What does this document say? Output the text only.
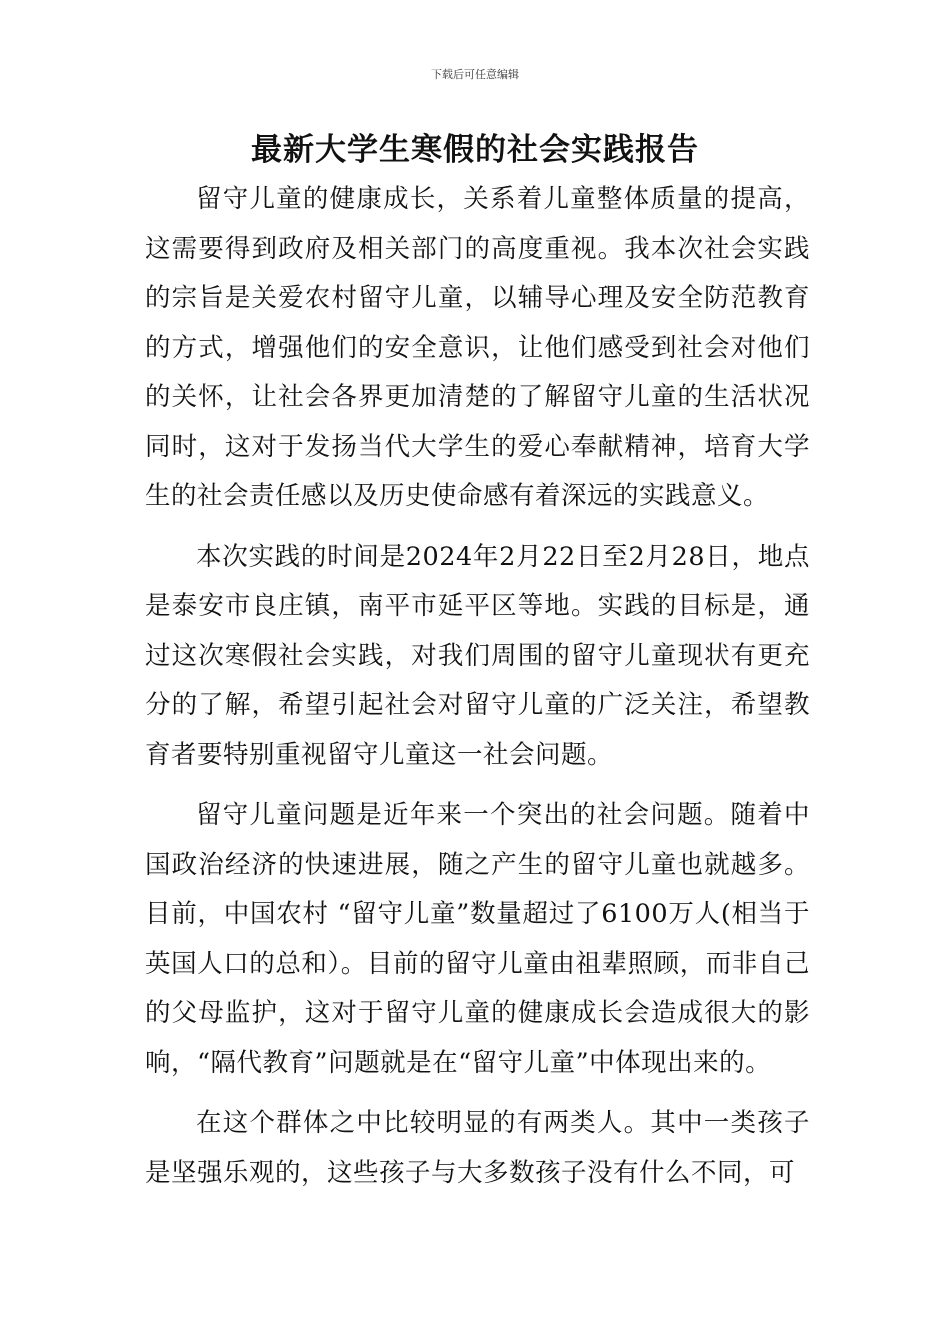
下载后可任意编辑
最新大学生寒假的社会实践报告

留守儿童的健康成长，关系着儿童整体质量的提高，这需要得到政府及相关部门的高度重视。我本次社会实践的宗旨是关爱农村留守儿童，以辅导心理及安全防范教育的方式，增强他们的安全意识，让他们感受到社会对他们的关怀，让社会各界更加清楚的了解留守儿童的生活状况同时，这对于发扬当代大学生的爱心奉献精神，培育大学生的社会责任感以及历史使命感有着深远的实践意义。

本次实践的时间是2024年2月22日至2月28日，地点是泰安市良庄镇，南平市延平区等地。实践的目标是，通过这次寒假社会实践，对我们周围的留守儿童现状有更充分的了解，希望引起社会对留守儿童的广泛关注，希望教育者要特别重视留守儿童这一社会问题。

留守儿童问题是近年来一个突出的社会问题。随着中国政治经济的快速进展，随之产生的留守儿童也就越多。目前，中国农村 “留守儿童”数量超过了6100万人(相当于英国人口的总和）。目前的留守儿童由祖辈照顾，而非自己的父母监护，这对于留守儿童的健康成长会造成很大的影响，“隔代教育”问题就是在“留守儿童”中体现出来的。

在这个群体之中比较明显的有两类人。其中一类孩子是坚强乐观的，这些孩子与大多数孩子没有什么不同，可
